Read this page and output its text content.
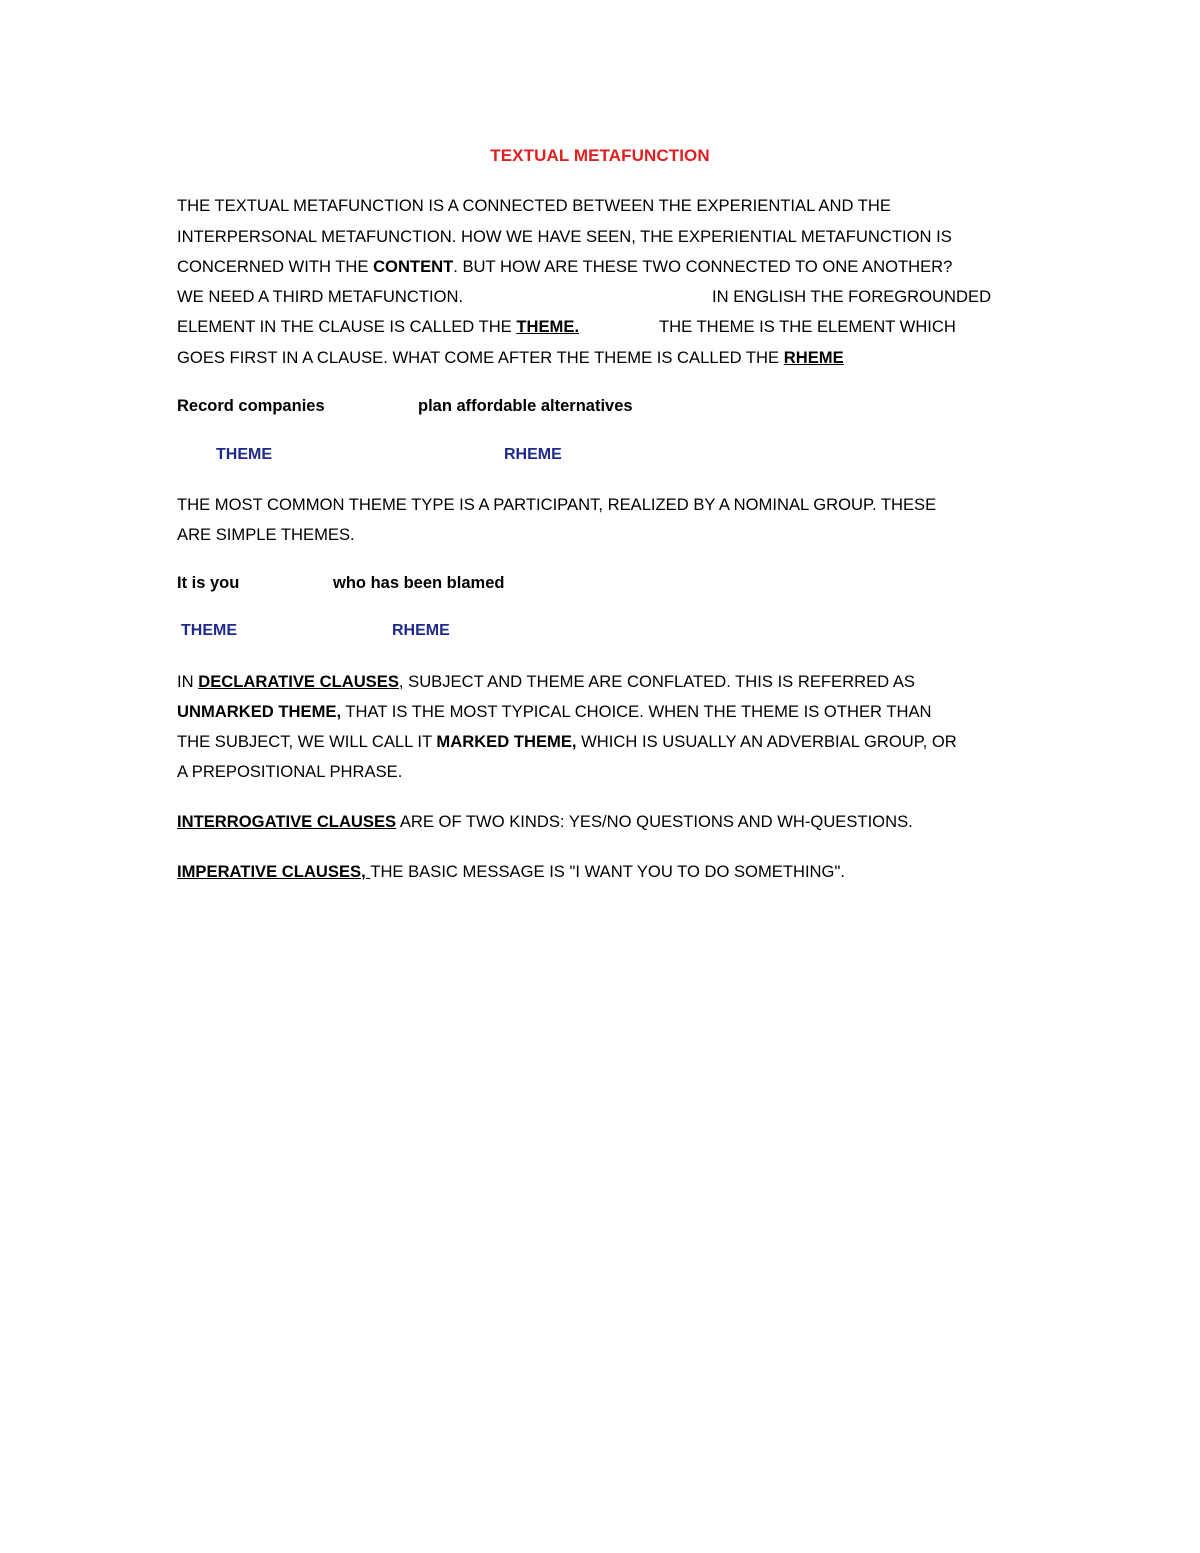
TEXTUAL METAFUNCTION
THE TEXTUAL METAFUNCTION IS A CONNECTED BETWEEN THE EXPERIENTIAL AND THE
INTERPERSONAL METAFUNCTION. HOW WE HAVE SEEN, THE EXPERIENTIAL METAFUNCTION IS
CONCERNED WITH THE CONTENT. BUT HOW ARE THESE TWO CONNECTED TO ONE ANOTHER?
WE NEED A THIRD METAFUNCTION.	IN ENGLISH THE FOREGROUNDED
ELEMENT IN THE CLAUSE IS CALLED THE THEME.	THE THEME IS THE ELEMENT WHICH
GOES FIRST IN A CLAUSE. WHAT COME AFTER THE THEME IS CALLED THE RHEME
Record companies	plan affordable alternatives
THEME	RHEME
THE MOST COMMON THEME TYPE IS A PARTICIPANT, REALIZED BY A NOMINAL GROUP. THESE
ARE SIMPLE THEMES.
It is you	who has been blamed
THEME	RHEME
IN DECLARATIVE CLAUSES, SUBJECT AND THEME ARE CONFLATED. THIS IS REFERRED AS
UNMARKED THEME, THAT IS THE MOST TYPICAL CHOICE. WHEN THE THEME IS OTHER THAN
THE SUBJECT, WE WILL CALL IT MARKED THEME, WHICH IS USUALLY AN ADVERBIAL GROUP, OR
A PREPOSITIONAL PHRASE.
INTERROGATIVE CLAUSES ARE OF TWO KINDS: YES/NO QUESTIONS AND WH-QUESTIONS.
IMPERATIVE CLAUSES, THE BASIC MESSAGE IS "I WANT YOU TO DO SOMETHING".
